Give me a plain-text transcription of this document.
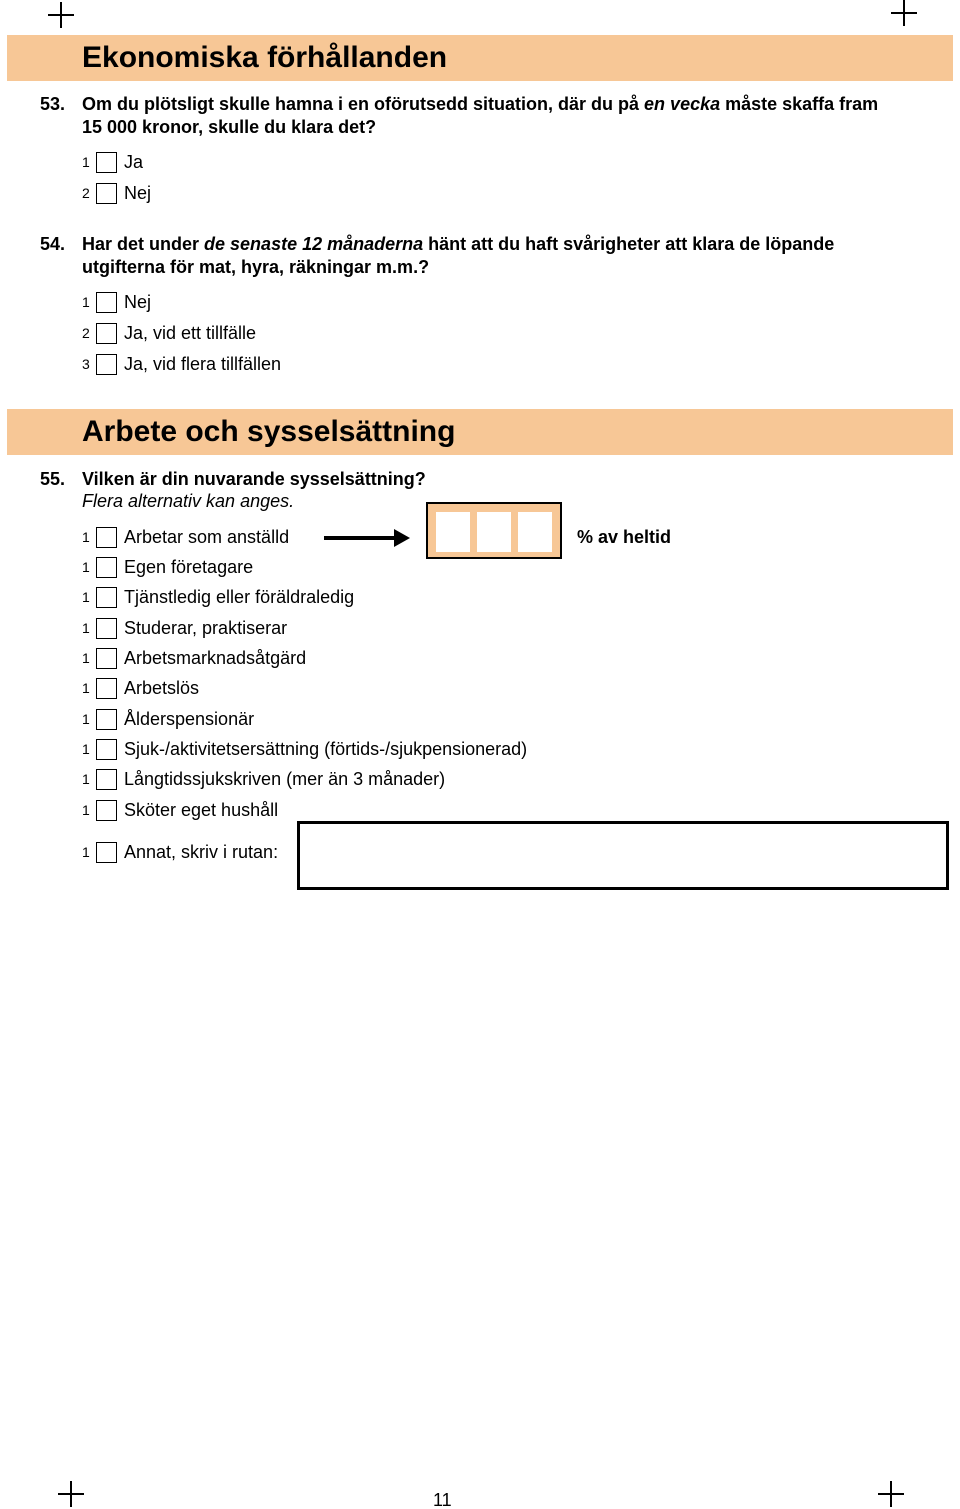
Ekonomiska förhållanden
53. Om du plötsligt skulle hamna i en oförutsedd situation, där du på en vecka måste skaffa fram
15 000 kronor, skulle du klara det?
1	Ja
2	Nej
54. Har det under de senaste 12 månaderna hänt att du haft svårigheter att klara de löpande
utgifterna för mat, hyra, räkningar m.m.?
1	Nej
2	Ja, vid ett tillfälle
3	Ja, vid flera tillfällen
Arbete och sysselsättning
55. Vilken är din nuvarande sysselsättning?
Flera alternativ kan anges.
1	Arbetar som anställd	% av heltid
1	Egen företagare
1	Tjänstledig eller föräldraledig
1	Studerar, praktiserar
1	Arbetsmarknadsåtgärd
1	Arbetslös
1	Ålderspensionär
1	Sjuk-/aktivitetsersättning (förtids-/sjukpensionerad)
1	Långtidssjukskriven (mer än 3 månader)
1	Sköter eget hushåll
1	Annat, skriv i rutan:
11
